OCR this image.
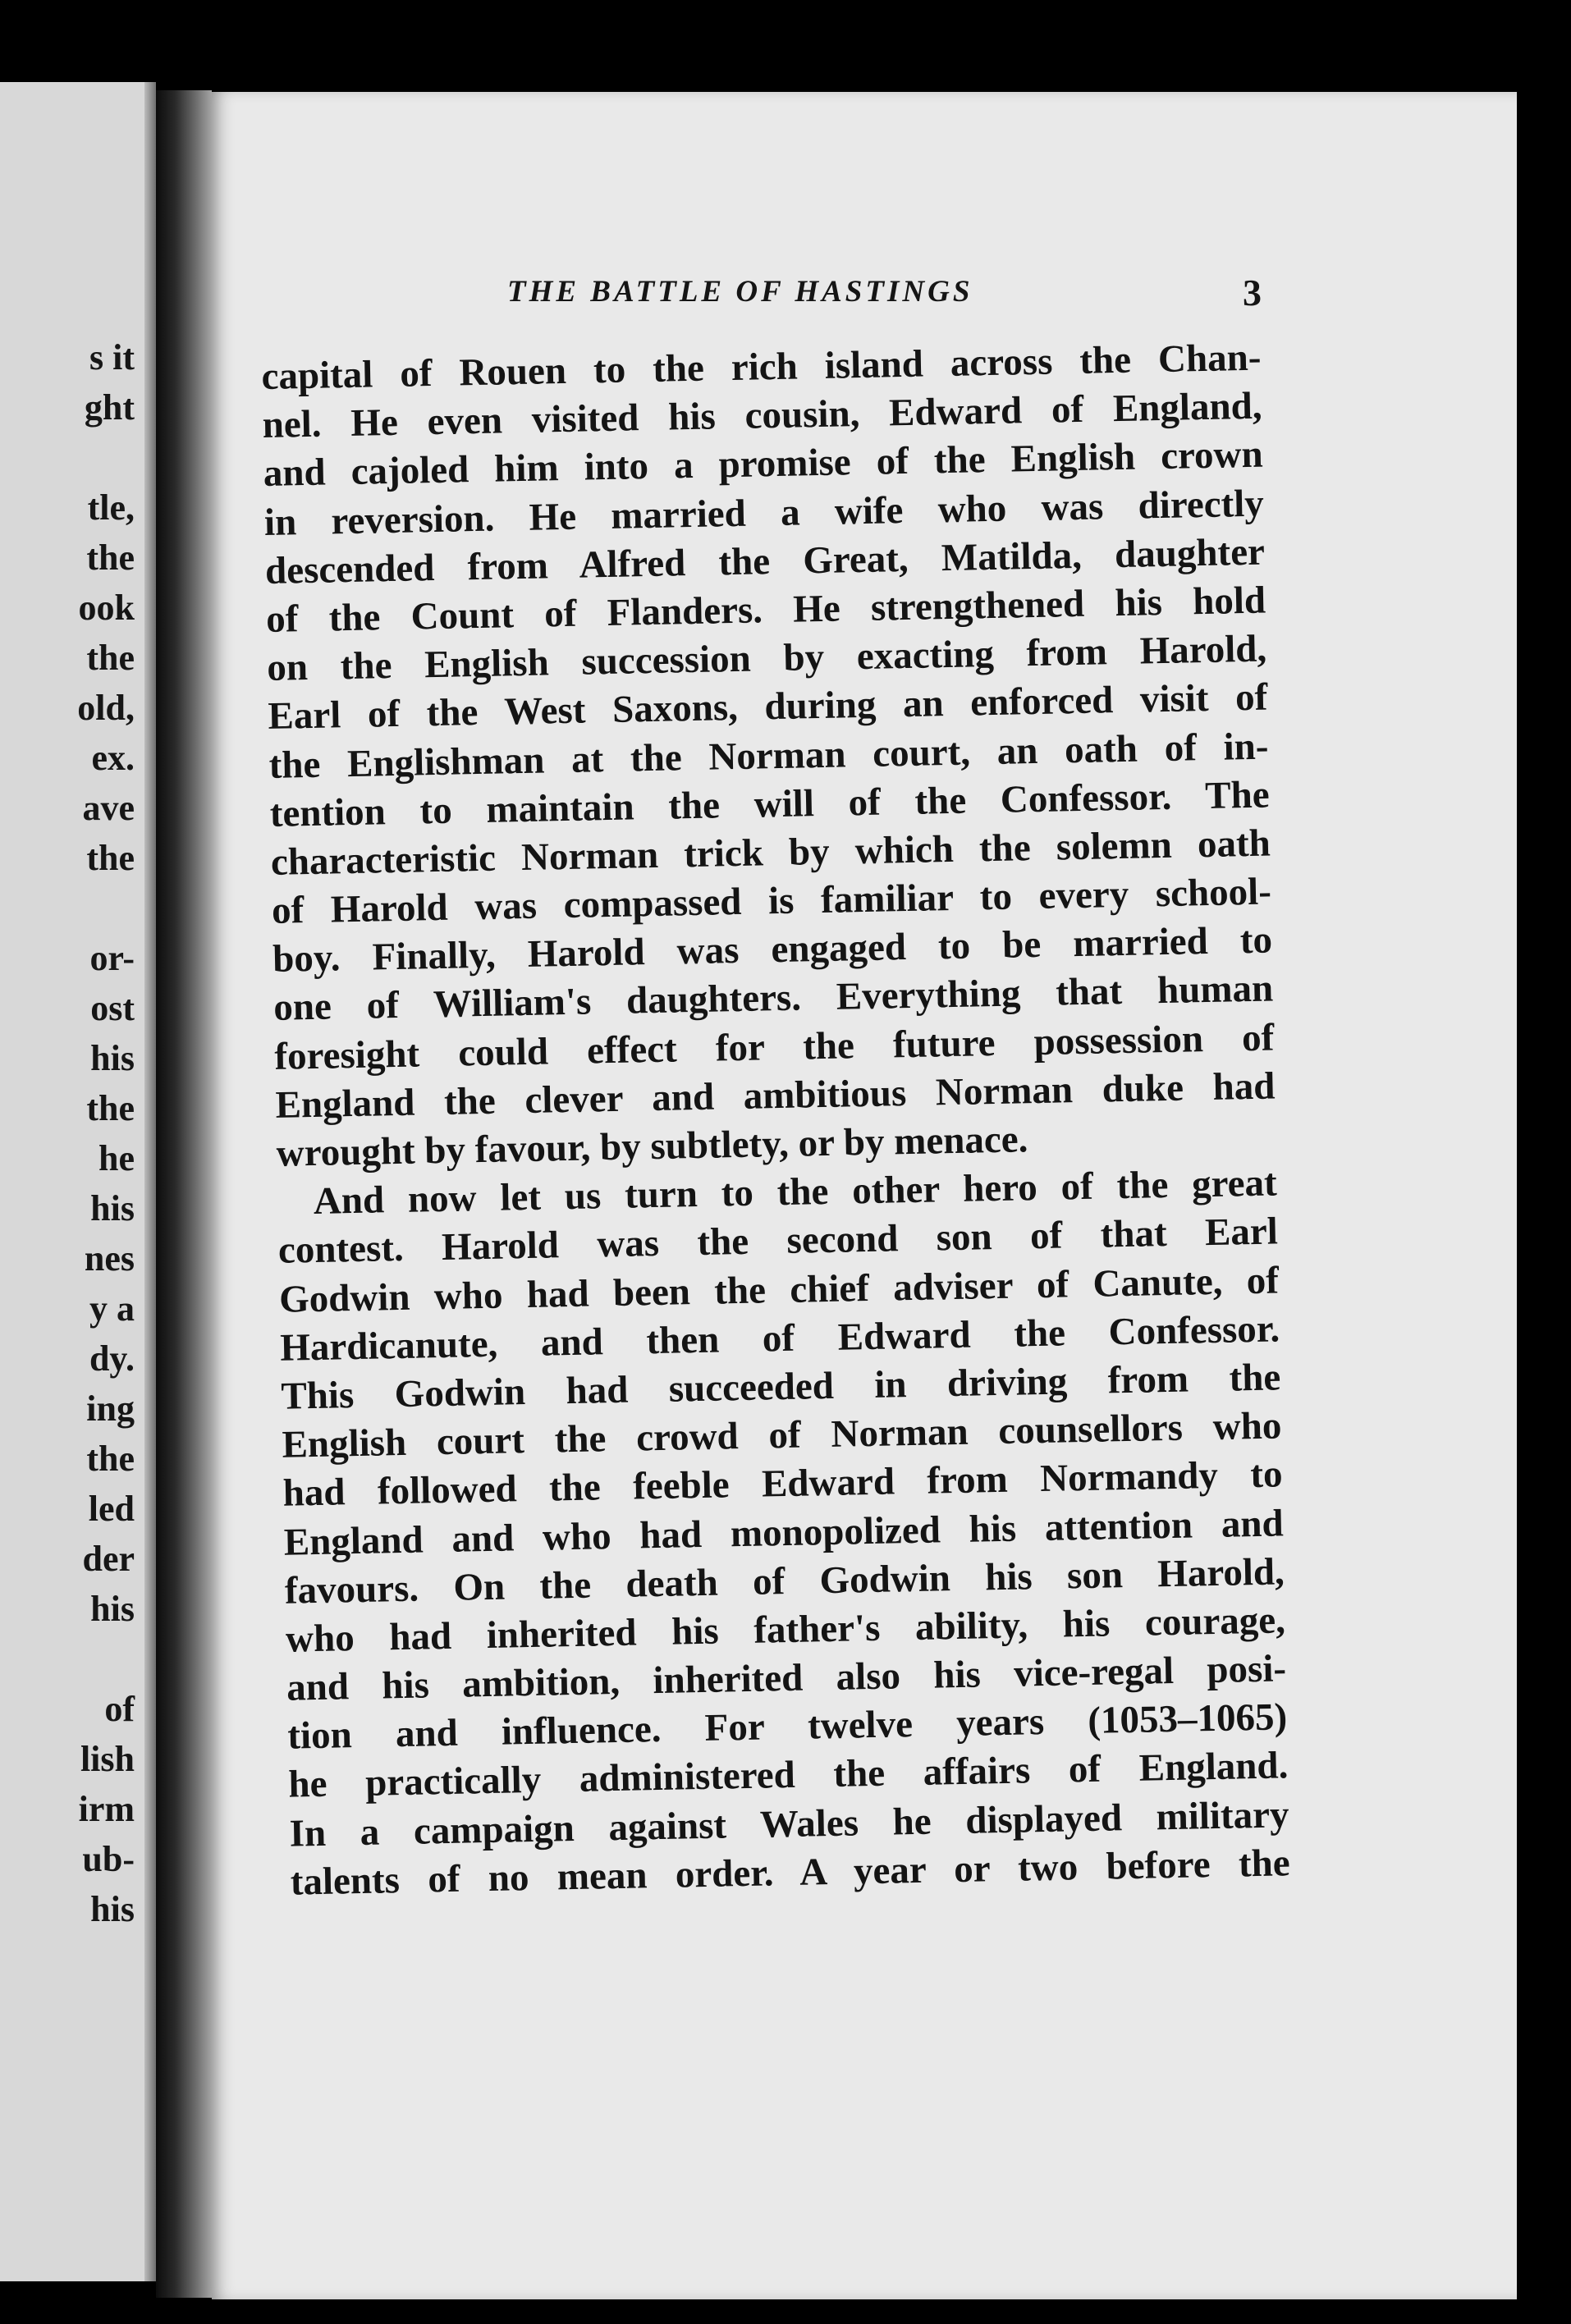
s it
ght
tle,
the
ook
the
old,
ex.
ave
the
or-
ost
his
the
he
his
nes
y a
dy.
ing
the
led
der
his
of
lish
irm
ub-
his
THE BATTLE OF HASTINGS	3
capital of Rouen to the rich island across the Chan-
nel. He even visited his cousin, Edward of England,
and cajoled him into a promise of the English crown
in reversion. He married a wife who was directly
descended from Alfred the Great, Matilda, daughter
of the Count of Flanders. He strengthened his hold
on the English succession by exacting from Harold,
Earl of the West Saxons, during an enforced visit of
the Englishman at the Norman court, an oath of in-
tention to maintain the will of the Confessor. The
characteristic Norman trick by which the solemn oath
of Harold was compassed is familiar to every school-
boy. Finally, Harold was engaged to be married to
one of William's daughters. Everything that human
foresight could effect for the future possession of
England the clever and ambitious Norman duke had
wrought by favour, by subtlety, or by menace.
And now let us turn to the other hero of the great
contest. Harold was the second son of that Earl
Godwin who had been the chief adviser of Canute, of
Hardicanute, and then of Edward the Confessor.
This Godwin had succeeded in driving from the
English court the crowd of Norman counsellors who
had followed the feeble Edward from Normandy to
England and who had monopolized his attention and
favours. On the death of Godwin his son Harold,
who had inherited his father's ability, his courage,
and his ambition, inherited also his vice-regal posi-
tion and influence. For twelve years (1053–1065)
he practically administered the affairs of England.
In a campaign against Wales he displayed military
talents of no mean order. A year or two before the
